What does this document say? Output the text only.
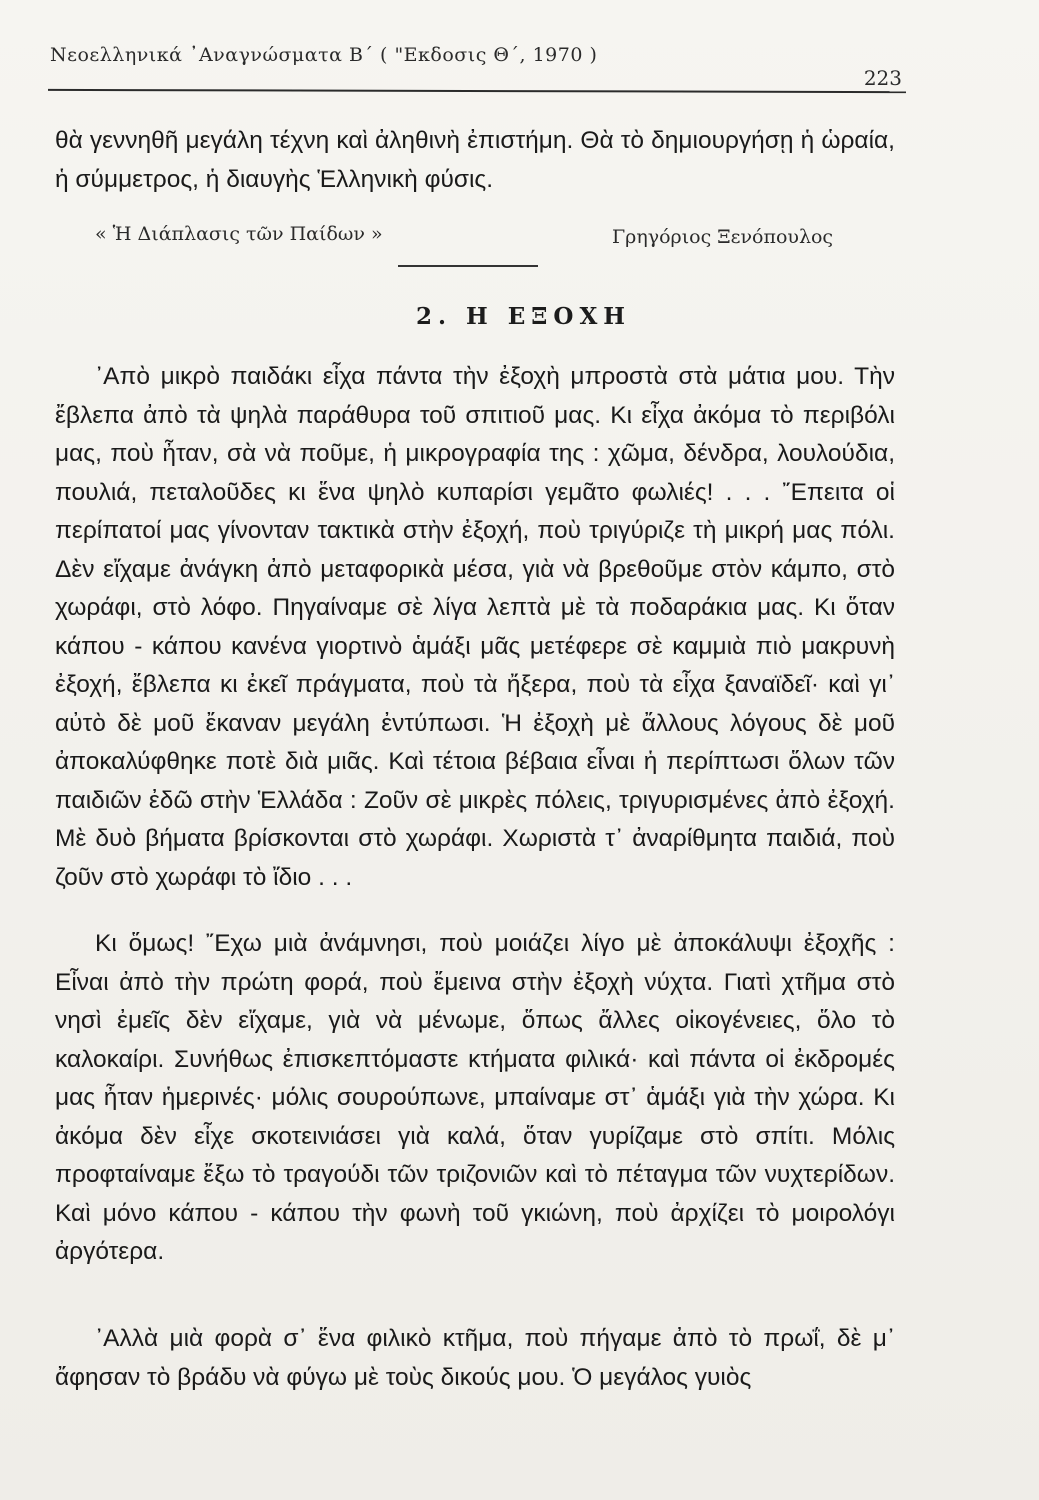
Νεοελληνικά ᾿Αναγνώσματα Β΄ ( "Εκδοσις Θ΄, 1970 )
223

θὰ γεννηθῆ μεγάλη τέχνη καὶ ἀληθινὴ ἐπιστήμη. Θὰ τὸ δημιουργήσῃ ἡ ὡραία, ἡ σύμμετρος, ἡ διαυγὴς Ἑλληνικὴ φύσις.

« Ἡ Διάπλασις τῶν Παίδων »	Γρηγόριος Ξενόπουλος
2. Η ΕΞΟΧΗ

᾿Απὸ μικρὸ παιδάκι εἶχα πάντα τὴν ἐξοχὴ μπροστὰ στὰ μάτια μου. Τὴν ἔβλεπα ἀπὸ τὰ ψηλὰ παράθυρα τοῦ σπιτιοῦ μας. Κι εἶχα ἀκόμα τὸ περιβόλι μας, ποὺ ἦταν, σὰ νὰ ποῦμε, ἡ μικρογραφία της : χῶμα, δένδρα, λουλούδια, πουλιά, πεταλοῦδες κι ἕνα ψηλὸ κυπαρίσι γεμᾶτο φωλιές! . . . ῎Επειτα οἱ περίπατοί μας γίνονταν τακτικὰ στὴν ἐξοχή, ποὺ τριγύριζε τὴ μικρή μας πόλι. Δὲν εἴχαμε ἀνάγκη ἀπὸ μεταφορικὰ μέσα, γιὰ νὰ βρεθοῦμε στὸν κάμπο, στὸ χωράφι, στὸ λόφο. Πηγαίναμε σὲ λίγα λεπτὰ μὲ τὰ ποδαράκια μας. Κι ὅταν κάπου - κάπου κανένα γιορτινὸ ἁμάξι μᾶς μετέφερε σὲ καμμιὰ πιὸ μακρυνὴ ἐξοχή, ἔβλεπα κι ἐκεῖ πράγματα, ποὺ τὰ ἤξερα, ποὺ τὰ εἶχα ξαναϊδεῖ· καὶ γι᾿ αὐτὸ δὲ μοῦ ἔκαναν μεγάλη ἐντύπωσι. Ἡ ἐξοχὴ μὲ ἄλλους λόγους δὲ μοῦ ἀποκαλύφθηκε ποτὲ διὰ μιᾶς. Καὶ τέτοια βέβαια εἶναι ἡ περίπτωσι ὅλων τῶν παιδιῶν ἐδῶ στὴν Ἑλλάδα : Ζοῦν σὲ μικρὲς πόλεις, τριγυρισμένες ἀπὸ ἐξοχή. Μὲ δυὸ βήματα βρίσκονται στὸ χωράφι. Χωριστὰ τ᾿ ἀναρίθμητα παιδιά, ποὺ ζοῦν στὸ χωράφι τὸ ἴδιο . . .

Κι ὅμως! ῎Εχω μιὰ ἀνάμνησι, ποὺ μοιάζει λίγο μὲ ἀποκάλυψι ἐξοχῆς : Εἶναι ἀπὸ τὴν πρώτη φορά, ποὺ ἔμεινα στὴν ἐξοχὴ νύχτα. Γιατὶ χτῆμα στὸ νησὶ ἐμεῖς δὲν εἴχαμε, γιὰ νὰ μένωμε, ὅπως ἄλλες οἰκογένειες, ὅλο τὸ καλοκαίρι. Συνήθως ἐπισκεπτόμαστε κτήματα φιλικά· καὶ πάντα οἱ ἐκδρομές μας ἦταν ἡμερινές· μόλις σουρούπωνε, μπαίναμε στ᾿ ἁμάξι γιὰ τὴν χώρα. Κι ἀκόμα δὲν εἶχε σκοτεινιάσει γιὰ καλά, ὅταν γυρίζαμε στὸ σπίτι. Μόλις προφταίναμε ἔξω τὸ τραγούδι τῶν τριζονιῶν καὶ τὸ πέταγμα τῶν νυχτερίδων. Καὶ μόνο κάπου - κάπου τὴν φωνὴ τοῦ γκιώνη, ποὺ ἀρχίζει τὸ μοιρολόγι ἀργότερα.

᾿Αλλὰ μιὰ φορὰ σ᾿ ἕνα φιλικὸ κτῆμα, ποὺ πήγαμε ἀπὸ τὸ πρωΐ, δὲ μ᾿ ἄφησαν τὸ βράδυ νὰ φύγω μὲ τοὺς δικούς μου. Ὁ μεγάλος γυιὸς
